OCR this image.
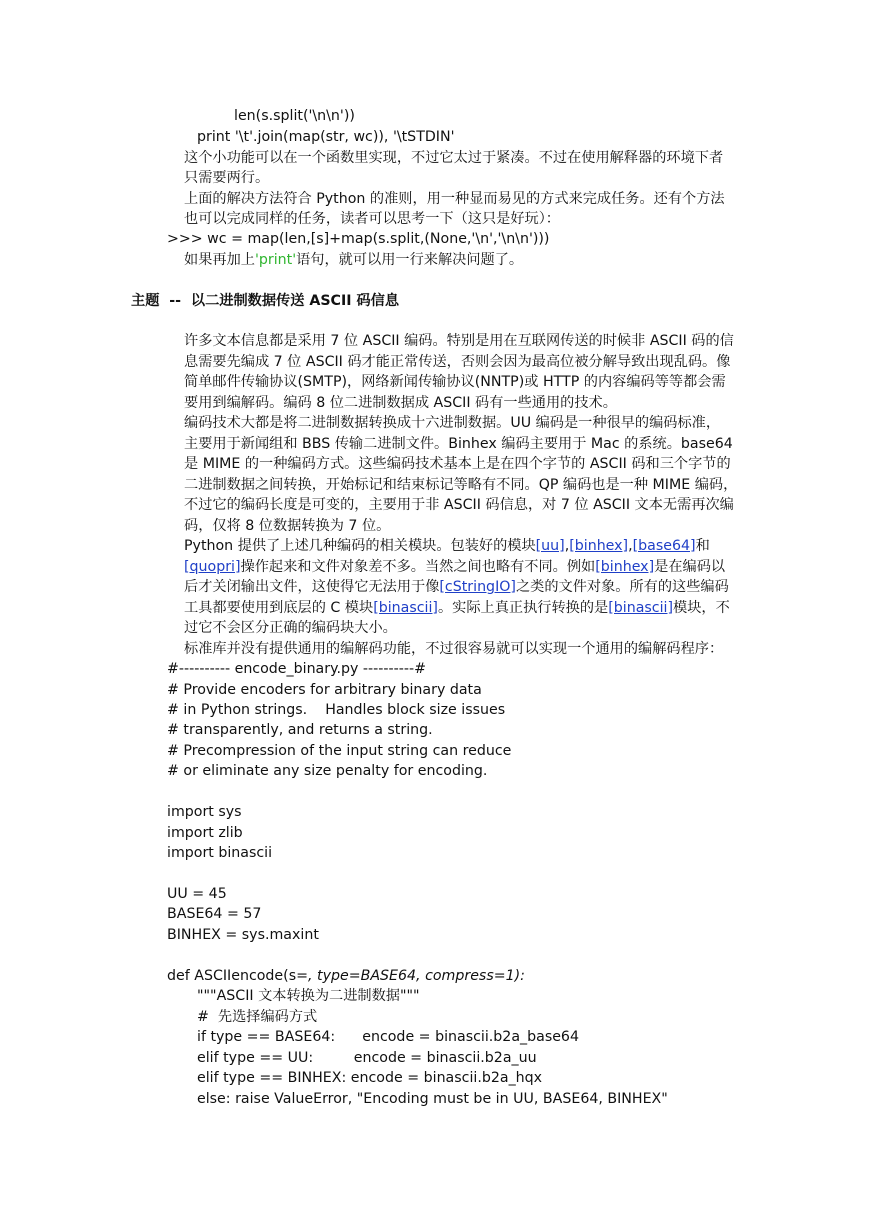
len(s.split('\n\n'))
print '\t'.join(map(str, wc)), '\tSTDIN'
这个小功能可以在一个函数里实现，不过它太过于紧凑。不过在使用解释器的环境下者
只需要两行。
上面的解决方法符合 Python 的准则，用一种显而易见的方式来完成任务。还有个方法
也可以完成同样的任务，读者可以思考一下（这只是好玩）：
>>> wc = map(len,[s]+map(s.split,(None,'\n','\n\n')))
如果再加上'print'语句，就可以用一行来解决问题了。
主题  --  以二进制数据传送 ASCII 码信息
许多文本信息都是采用 7 位 ASCII 编码。特别是用在互联网传送的时候非 ASCII 码的信
息需要先编成 7 位 ASCII 码才能正常传送，否则会因为最高位被分解导致出现乱码。像
简单邮件传输协议(SMTP)，网络新闻传输协议(NNTP)或 HTTP 的内容编码等等都会需
要用到编解码。编码 8 位二进制数据成 ASCII 码有一些通用的技术。
编码技术大都是将二进制数据转换成十六进制数据。UU 编码是一种很早的编码标准，
主要用于新闻组和 BBS 传输二进制文件。Binhex 编码主要用于 Mac 的系统。base64
是 MIME 的一种编码方式。这些编码技术基本上是在四个字节的 ASCII 码和三个字节的
二进制数据之间转换，开始标记和结束标记等略有不同。QP 编码也是一种 MIME 编码，
不过它的编码长度是可变的，主要用于非 ASCII 码信息，对 7 位 ASCII 文本无需再次编
码，仅将 8 位数据转换为 7 位。
Python 提供了上述几种编码的相关模块。包装好的模块[uu],[binhex],[base64]和
[quopri]操作起来和文件对象差不多。当然之间也略有不同。例如[binhex]是在编码以
后才关闭输出文件，这使得它无法用于像[cStringIO]之类的文件对象。所有的这些编码
工具都要使用到底层的 C 模块[binascii]。实际上真正执行转换的是[binascii]模块，不
过它不会区分正确的编码块大小。
标准库并没有提供通用的编解码功能，不过很容易就可以实现一个通用的编解码程序：
#---------- encode_binary.py ----------#
# Provide encoders for arbitrary binary data
# in Python strings.    Handles block size issues
# transparently, and returns a string.
# Precompression of the input string can reduce
# or eliminate any size penalty for encoding.
import sys
import zlib
import binascii
UU = 45
BASE64 = 57
BINHEX = sys.maxint
def ASCIIencode(s=, type=BASE64, compress=1):
"""ASCII 文本转换为二进制数据"""
#  先选择编码方式
if type == BASE64:      encode = binascii.b2a_base64
elif type == UU:         encode = binascii.b2a_uu
elif type == BINHEX: encode = binascii.b2a_hqx
else: raise ValueError, "Encoding must be in UU, BASE64, BINHEX"
